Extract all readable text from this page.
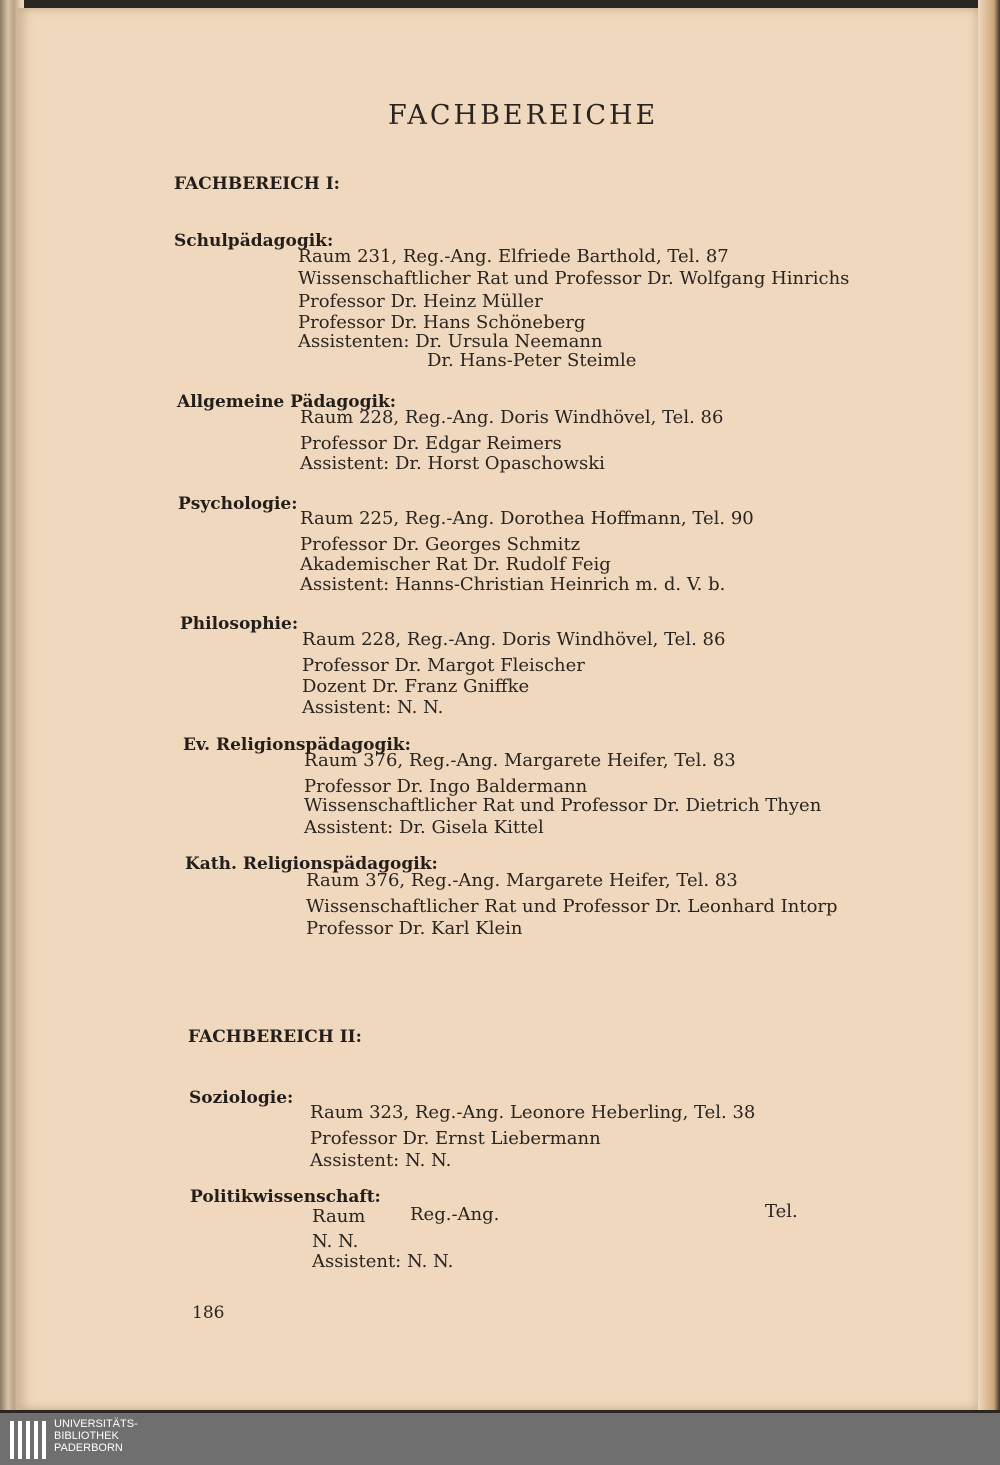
FACHBEREICHE
FACHBEREICH I:
Schulpädagogik:
Raum 231, Reg.-Ang. Elfriede Barthold, Tel. 87
Wissenschaftlicher Rat und Professor Dr. Wolfgang Hinrichs
Professor Dr. Heinz Müller
Professor Dr. Hans Schöneberg
Assistenten: Dr. Ursula Neemann
Dr. Hans-Peter Steimle
Allgemeine Pädagogik:
Raum 228, Reg.-Ang. Doris Windhövel, Tel. 86
Professor Dr. Edgar Reimers
Assistent: Dr. Horst Opaschowski
Psychologie:
Raum 225, Reg.-Ang. Dorothea Hoffmann, Tel. 90
Professor Dr. Georges Schmitz
Akademischer Rat Dr. Rudolf Feig
Assistent: Hanns-Christian Heinrich m. d. V. b.
Philosophie:
Raum 228, Reg.-Ang. Doris Windhövel, Tel. 86
Professor Dr. Margot Fleischer
Dozent Dr. Franz Gniffke
Assistent: N. N.
Ev. Religionspädagogik:
Raum 376, Reg.-Ang. Margarete Heifer, Tel. 83
Professor Dr. Ingo Baldermann
Wissenschaftlicher Rat und Professor Dr. Dietrich Thyen
Assistent: Dr. Gisela Kittel
Kath. Religionspädagogik:
Raum 376, Reg.-Ang. Margarete Heifer, Tel. 83
Wissenschaftlicher Rat und Professor Dr. Leonhard Intorp
Professor Dr. Karl Klein
FACHBEREICH II:
Soziologie:
Raum 323, Reg.-Ang. Leonore Heberling, Tel. 38
Professor Dr. Ernst Liebermann
Assistent: N. N.
Politikwissenschaft:
Raum Reg.-Ang.	Tel.
N. N.
Assistent: N. N.
186
UNIVERSITÄTS-
BIBLIOTHEK
PADERBORN
